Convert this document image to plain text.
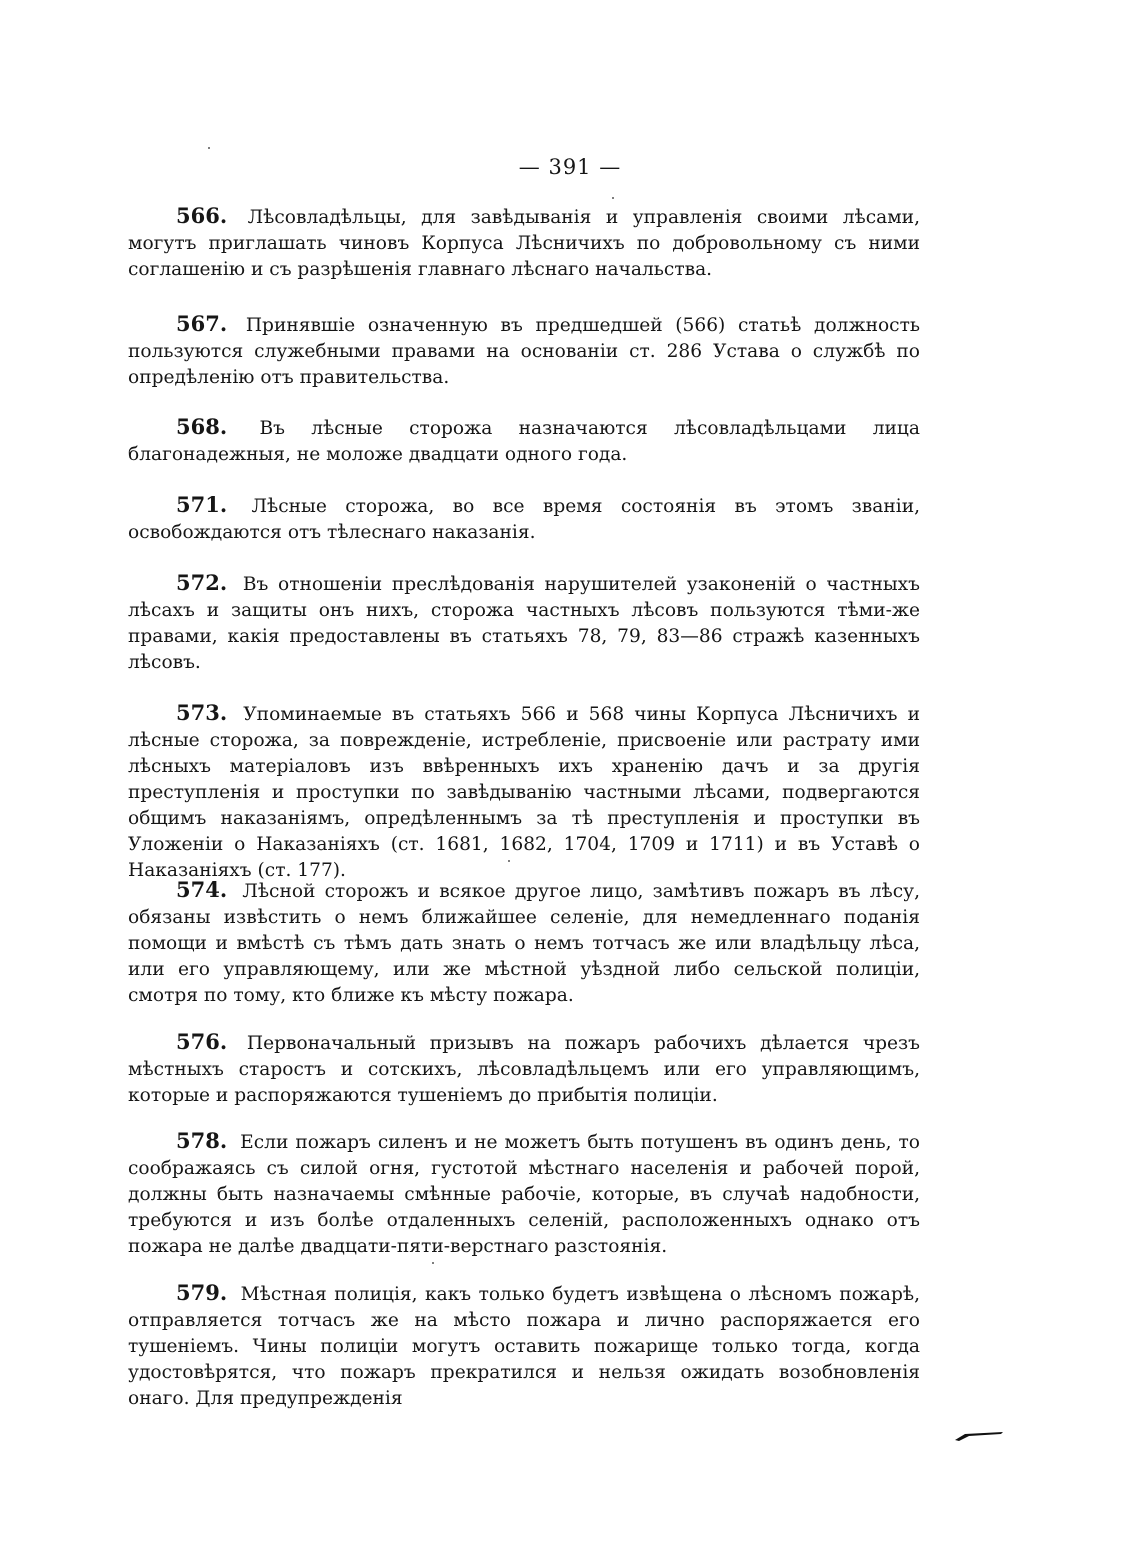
— 391 —
566. Лѣсовладѣльцы, для завѣдыванія и управленія своими лѣсами, могутъ приглашать чиновъ Корпуса Лѣсничихъ по добровольному съ ними соглашенію и съ разрѣшенія главнаго лѣснаго начальства.
567. Принявшіе означенную въ предшедшей (566) статьѣ должность пользуются служебными правами на основаніи ст. 286 Устава о службѣ по опредѣленію отъ правительства.
568. Въ лѣсные сторожа назначаются лѣсовладѣльцами лица благонадежныя, не моложе двадцати одного года.
571. Лѣсные сторожа, во все время состоянія въ этомъ званіи, освобождаются отъ тѣлеснаго наказанія.
572. Въ отношеніи преслѣдованія нарушителей узаконеній о частныхъ лѣсахъ и защиты онъ нихъ, сторожа частныхъ лѣсовъ пользуются тѣми-же правами, какія предоставлены въ статьяхъ 78, 79, 83—86 стражѣ казенныхъ лѣсовъ.
573. Упоминаемые въ статьяхъ 566 и 568 чины Корпуса Лѣсничихъ и лѣсные сторожа, за поврежденіе, истребленіе, присвоеніе или растрату ими лѣсныхъ матеріаловъ изъ ввѣренныхъ ихъ храненію дачъ и за другія преступленія и проступки по завѣдыванію частными лѣсами, подвергаются общимъ наказаніямъ, опредѣленнымъ за тѣ преступленія и проступки въ Уложеніи о Наказаніяхъ (ст. 1681, 1682, 1704, 1709 и 1711) и въ Уставѣ о Наказаніяхъ (ст. 177).
574. Лѣсной сторожъ и всякое другое лицо, замѣтивъ пожаръ въ лѣсу, обязаны извѣстить о немъ ближайшее селеніе, для немедленнаго поданія помощи и вмѣстѣ съ тѣмъ дать знать о немъ тотчасъ же или владѣльцу лѣса, или его управляющему, или же мѣстной уѣздной либо сельской полиціи, смотря по тому, кто ближе къ мѣсту пожара.
576. Первоначальный призывъ на пожаръ рабочихъ дѣлается чрезъ мѣстныхъ старостъ и сотскихъ, лѣсовладѣльцемъ или его управляющимъ, которые и распоряжаются тушеніемъ до прибытія полиціи.
578. Если пожаръ силенъ и не можетъ быть потушенъ въ одинъ день, то соображаясь съ силой огня, густотой мѣстнаго населенія и рабочей порой, должны быть назначаемы смѣнные рабочіе, которые, въ случаѣ надобности, требуются и изъ болѣе отдаленныхъ селеній, расположенныхъ однако отъ пожара не далѣе двадцати-пяти-верстнаго разстоянія.
579. Мѣстная полиція, какъ только будетъ извѣщена о лѣсномъ пожарѣ, отправляется тотчасъ же на мѣсто пожара и лично распоряжается его тушеніемъ. Чины полиціи могутъ оставить пожарище только тогда, когда удостовѣрятся, что пожаръ прекратился и нельзя ожидать возобновленія онаго. Для предупрежденія
